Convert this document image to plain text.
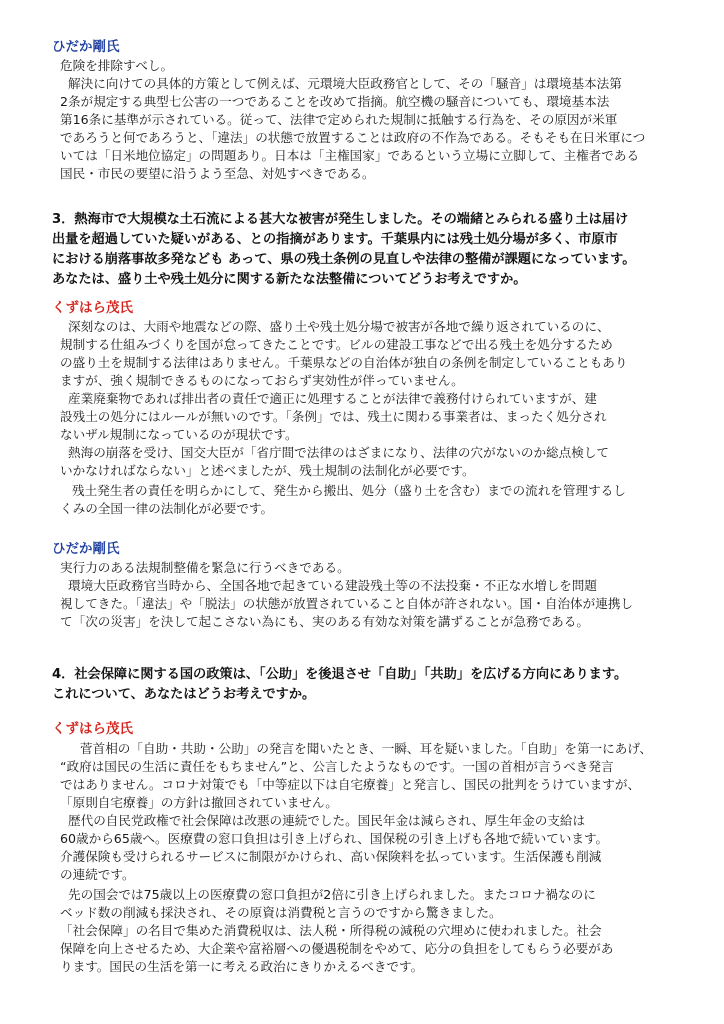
ひだか剛氏
危険を排除すべし。
解決に向けての具体的方策として例えば、元環境大臣政務官として、その「騒音」は環境基本法第
2条が規定する典型七公害の一つであることを改めて指摘。航空機の騒音についても、環境基本法
第16条に基準が示されている。従って、法律で定められた規制に抵触する行為を、その原因が米軍
であろうと何であろうと、「違法」の状態で放置することは政府の不作為である。そもそも在日米軍につ
いては「日米地位協定」の問題あり。日本は「主権国家」であるという立場に立脚して、主権者である
国民・市民の要望に沿うよう至急、対処すべきである。
3．熱海市で大規模な土石流による甚大な被害が発生しました。その端緒とみられる盛り土は届け
出量を超過していた疑いがある、との指摘があります。千葉県内には残土処分場が多く、市原市
における崩落事故多発なども あって、県の残土条例の見直しや法律の整備が課題になっています。
あなたは、盛り土や残土処分に関する新たな法整備についてどうお考えですか。
くずはら茂氏
深刻なのは、大雨や地震などの際、盛り土や残土処分場で被害が各地で繰り返されているのに、
規制する仕組みづくりを国が怠ってきたことです。ビルの建設工事などで出る残土を処分するため
の盛り土を規制する法律はありません。千葉県などの自治体が独自の条例を制定していることもあり
ますが、強く規制できるものになっておらず実効性が伴っていません。
産業廃棄物であれば排出者の責任で適正に処理することが法律で義務付けられていますが、建
設残土の処分にはルールが無いのです。「条例」では、残土に関わる事業者は、まったく処分され
ないザル規制になっているのが現状です。
熱海の崩落を受け、国交大臣が「省庁間で法律のはざまになり、法律の穴がないのか総点検して
いかなければならない」と述べましたが、残土規制の法制化が必要です。
残土発生者の責任を明らかにして、発生から搬出、処分（盛り土を含む）までの流れを管理するし
くみの全国一律の法制化が必要です。
ひだか剛氏
実行力のある法規制整備を緊急に行うべきである。
環境大臣政務官当時から、全国各地で起きている建設残土等の不法投棄・不正な水増しを問題
視してきた。「違法」や「脱法」の状態が放置されていること自体が許されない。国・自治体が連携し
て「次の災害」を決して起こさない為にも、実のある有効な対策を講ずることが急務である。
4．社会保障に関する国の政策は、「公助」を後退させ「自助」「共助」を広げる方向にあります。
これについて、あなたはどうお考えですか。
くずはら茂氏
菅首相の「自助・共助・公助」の発言を聞いたとき、一瞬、耳を疑いました。「自助」を第一にあげ、
“政府は国民の生活に責任をもちません”と、公言したようなものです。一国の首相が言うべき発言
ではありません。コロナ対策でも「中等症以下は自宅療養」と発言し、国民の批判をうけていますが、
「原則自宅療養」の方針は撤回されていません。
歴代の自民党政権で社会保障は改悪の連続でした。国民年金は減らされ、厚生年金の支給は
60歳から65歳へ。医療費の窓口負担は引き上げられ、国保税の引き上げも各地で続いています。
介護保険も受けられるサービスに制限がかけられ、高い保険料を払っています。生活保護も削減
の連続です。
先の国会では75歳以上の医療費の窓口負担が2倍に引き上げられました。またコロナ禍なのに
ベッド数の削減も採決され、その原資は消費税と言うのですから驚きました。
「社会保障」の名目で集めた消費税収は、法人税・所得税の減税の穴埋めに使われました。社会
保障を向上させるため、大企業や富裕層への優遇税制をやめて、応分の負担をしてもらう必要があ
ります。国民の生活を第一に考える政治にきりかえるべきです。
